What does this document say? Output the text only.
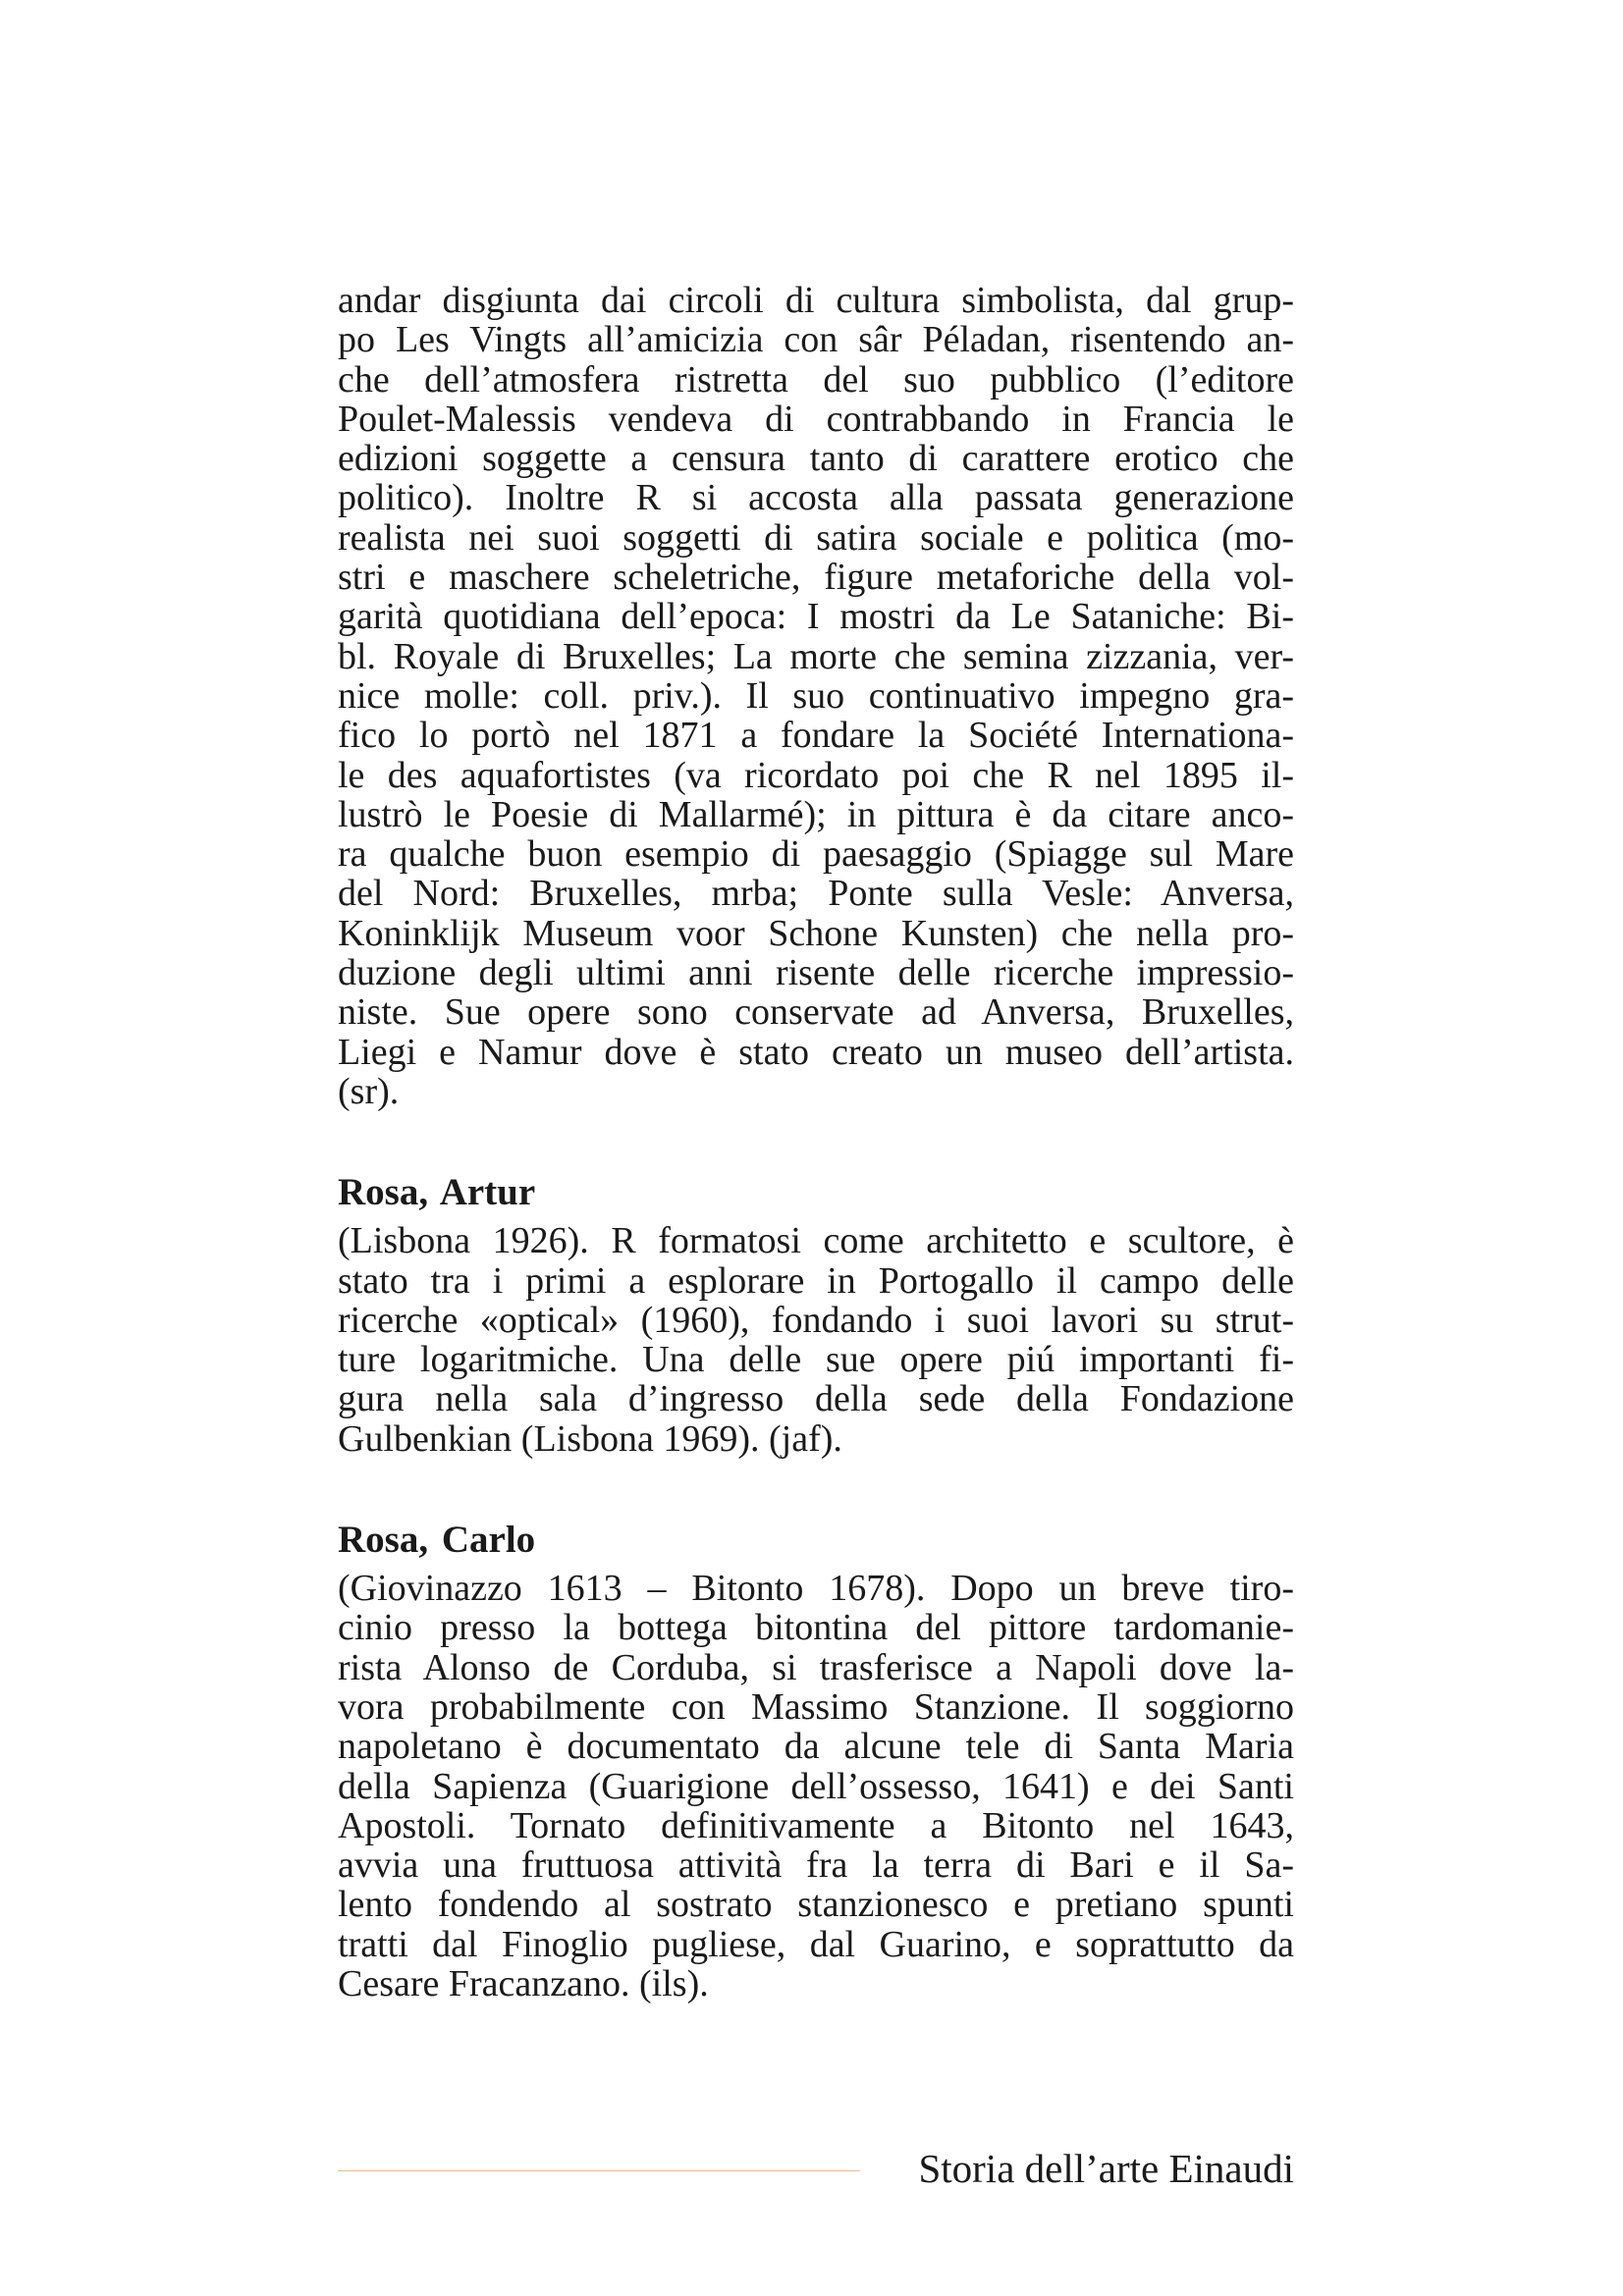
andar disgiunta dai circoli di cultura simbolista, dal grup-
po Les Vingts all’amicizia con sâr Péladan, risentendo an-
che dell’atmosfera ristretta del suo pubblico (l’editore
Poulet-Malessis vendeva di contrabbando in Francia le
edizioni soggette a censura tanto di carattere erotico che
politico). Inoltre R si accosta alla passata generazione
realista nei suoi soggetti di satira sociale e politica (mo-
stri e maschere scheletriche, figure metaforiche della vol-
garità quotidiana dell’epoca: I mostri da Le Sataniche: Bi-
bl. Royale di Bruxelles; La morte che semina zizzania, ver-
nice molle: coll. priv.). Il suo continuativo impegno gra-
fico lo portò nel 1871 a fondare la Société Internationa-
le des aquafortistes (va ricordato poi che R nel 1895 il-
lustrò le Poesie di Mallarmé); in pittura è da citare anco-
ra qualche buon esempio di paesaggio (Spiagge sul Mare
del Nord: Bruxelles, mrba; Ponte sulla Vesle: Anversa,
Koninklijk Museum voor Schone Kunsten) che nella pro-
duzione degli ultimi anni risente delle ricerche impressio-
niste. Sue opere sono conservate ad Anversa, Bruxelles,
Liegi e Namur dove è stato creato un museo dell’artista.
(sr).
Rosa, Artur
(Lisbona 1926). R formatosi come architetto e scultore, è
stato tra i primi a esplorare in Portogallo il campo delle
ricerche «optical» (1960), fondando i suoi lavori su strut-
ture logaritmiche. Una delle sue opere piú importanti fi-
gura nella sala d’ingresso della sede della Fondazione
Gulbenkian (Lisbona 1969). (jaf).
Rosa, Carlo
(Giovinazzo 1613 – Bitonto 1678). Dopo un breve tiro-
cinio presso la bottega bitontina del pittore tardomanie-
rista Alonso de Corduba, si trasferisce a Napoli dove la-
vora probabilmente con Massimo Stanzione. Il soggiorno
napoletano è documentato da alcune tele di Santa Maria
della Sapienza (Guarigione dell’ossesso, 1641) e dei Santi
Apostoli. Tornato definitivamente a Bitonto nel 1643,
avvia una fruttuosa attività fra la terra di Bari e il Sa-
lento fondendo al sostrato stanzionesco e pretiano spunti
tratti dal Finoglio pugliese, dal Guarino, e soprattutto da
Cesare Fracanzano. (ils).
Storia dell’arte Einaudi
